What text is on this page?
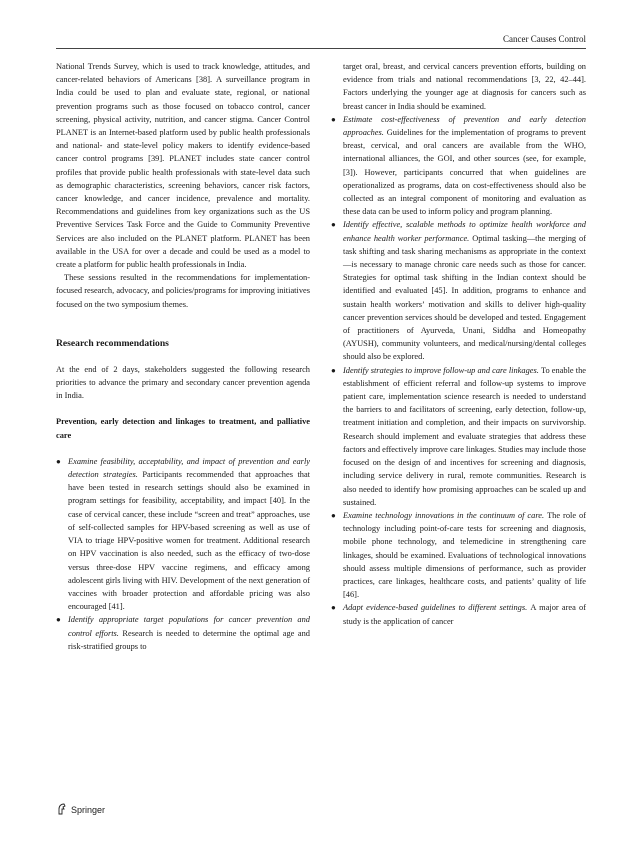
Cancer Causes Control

National Trends Survey, which is used to track knowledge, attitudes, and cancer-related behaviors of Americans [38]. A surveillance program in India could be used to plan and evaluate state, regional, or national prevention programs such as those focused on tobacco control, cancer screening, physical activity, nutrition, and cancer stigma. Cancer Control PLANET is an Internet-based platform used by public health professionals and national- and state-level policy makers to identify evidence-based cancer control programs [39]. PLANET includes state cancer control profiles that provide public health professionals with state-level data such as demographic characteristics, screening behaviors, cancer risk factors, cancer knowledge, and cancer incidence, prevalence and mortality. Recommendations and guidelines from key organizations such as the US Preventive Services Task Force and the Guide to Community Preventive Services are also included on the PLANET platform. PLANET has been available in the USA for over a decade and could be used as a model to create a platform for public health professionals in India.

These sessions resulted in the recommendations for implementation-focused research, advocacy, and policies/programs for improving initiatives focused on the two symposium themes.

Research recommendations

At the end of 2 days, stakeholders suggested the following research priorities to advance the primary and secondary cancer prevention agenda in India.

Prevention, early detection and linkages to treatment, and palliative care
● Examine feasibility, acceptability, and impact of prevention and early detection strategies. Participants recommended that approaches that have been tested in research settings should also be examined in program settings for feasibility, acceptability, and impact [40]. In the case of cervical cancer, these include “screen and treat” approaches, use of self-collected samples for HPV-based screening as well as use of VIA to triage HPV-positive women for treatment. Additional research on HPV vaccination is also needed, such as the efficacy of two-dose versus three-dose HPV vaccine regimens, and efficacy among adolescent girls living with HIV. Development of the next generation of vaccines with broader protection and affordable pricing was also encouraged [41].
● Identify appropriate target populations for cancer prevention and control efforts. Research is needed to determine the optimal age and risk-stratified groups to
target oral, breast, and cervical cancers prevention efforts, building on evidence from trials and national recommendations [3, 22, 42–44]. Factors underlying the younger age at diagnosis for cancers such as breast cancer in India should be examined.
● Estimate cost-effectiveness of prevention and early detection approaches. Guidelines for the implementation of programs to prevent breast, cervical, and oral cancers are available from the WHO, international alliances, the GOI, and other sources (see, for example, [3]). However, participants concurred that when guidelines are operationalized as programs, data on cost-effectiveness should also be collected as an integral component of monitoring and evaluation as these data can be used to inform policy and program planning.
● Identify effective, scalable methods to optimize health workforce and enhance health worker performance. Optimal tasking—the merging of task shifting and task sharing mechanisms as appropriate in the context—is necessary to manage chronic care needs such as those for cancer. Strategies for optimal task shifting in the Indian context should be identified and evaluated [45]. In addition, programs to enhance and sustain health workers’ motivation and skills to deliver high-quality cancer prevention services should be developed and tested. Engagement of practitioners of Ayurveda, Unani, Siddha and Homeopathy (AYUSH), community volunteers, and medical/nursing/dental colleges should also be explored.
● Identify strategies to improve follow-up and care linkages. To enable the establishment of efficient referral and follow-up systems to improve patient care, implementation science research is needed to understand the barriers to and facilitators of screening, early detection, follow-up, treatment initiation and completion, and their impacts on survivorship. Research should implement and evaluate strategies that address these factors and effectively improve care linkages. Studies may include those focused on the design of and incentives for screening and diagnosis, including service delivery in rural, remote communities. Research is also needed to identify how promising approaches can be scaled up and sustained.
● Examine technology innovations in the continuum of care. The role of technology including point-of-care tests for screening and diagnosis, mobile phone technology, and telemedicine in strengthening care linkages, should be examined. Evaluations of technological innovations should assess multiple dimensions of performance, such as provider practices, care linkages, healthcare costs, and patients’ quality of life [46].
● Adapt evidence-based guidelines to different settings. A major area of study is the application of cancer
Springer
